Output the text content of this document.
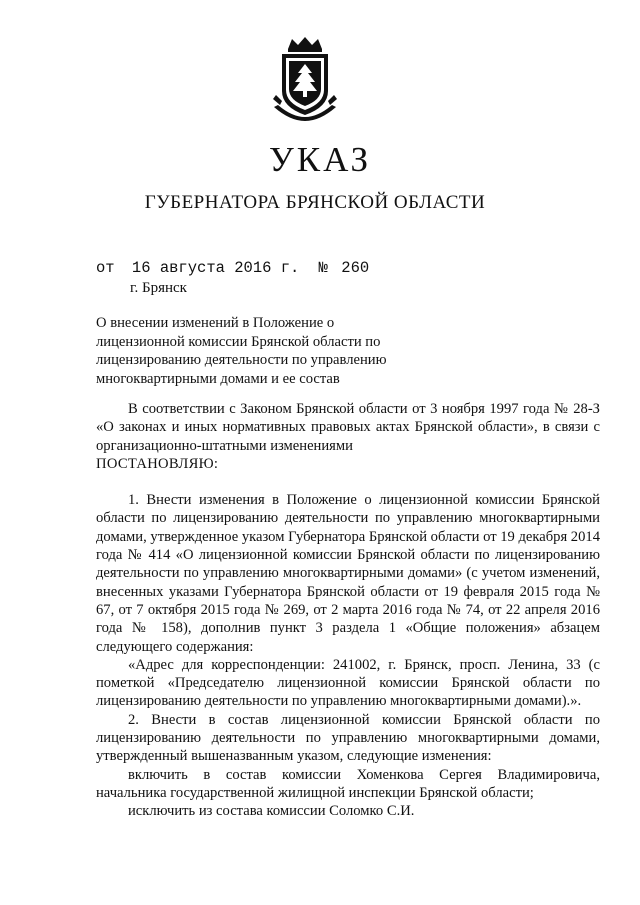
УКАЗ
ГУБЕРНАТОРА БРЯНСКОЙ ОБЛАСТИ
от 16 августа 2016 г. № 260
г. Брянск
О внесении изменений в Положение о лицензионной комиссии Брянской области по лицензированию деятельности по управлению многоквартирными домами и ее состав

В соответствии с Законом Брянской области от 3 ноября 1997 года № 28-З «О законах и иных нормативных правовых актах Брянской области», в связи с организационно-штатными изменениями

ПОСТАНОВЛЯЮ:

1. Внести изменения в Положение о лицензионной комиссии Брянской области по лицензированию деятельности по управлению многоквартирными домами, утвержденное указом Губернатора Брянской области от 19 декабря 2014 года № 414 «О лицензионной комиссии Брянской области по лицензированию деятельности по управлению многоквартирными домами» (с учетом изменений, внесенных указами Губернатора Брянской области от 19 февраля 2015 года № 67, от 7 октября 2015 года № 269, от 2 марта 2016 года № 74, от 22 апреля 2016 года № 158), дополнив пункт 3 раздела 1 «Общие положения» абзацем следующего содержания:

«Адрес для корреспонденции: 241002, г. Брянск, просп. Ленина, 33 (с пометкой «Председателю лицензионной комиссии Брянской области по лицензированию деятельности по управлению многоквартирными домами).».

2. Внести в состав лицензионной комиссии Брянской области по лицензированию деятельности по управлению многоквартирными домами, утвержденный вышеназванным указом, следующие изменения:

включить в состав комиссии Хоменкова Сергея Владимировича, начальника государственной жилищной инспекции Брянской области;

исключить из состава комиссии Соломко С.И.
